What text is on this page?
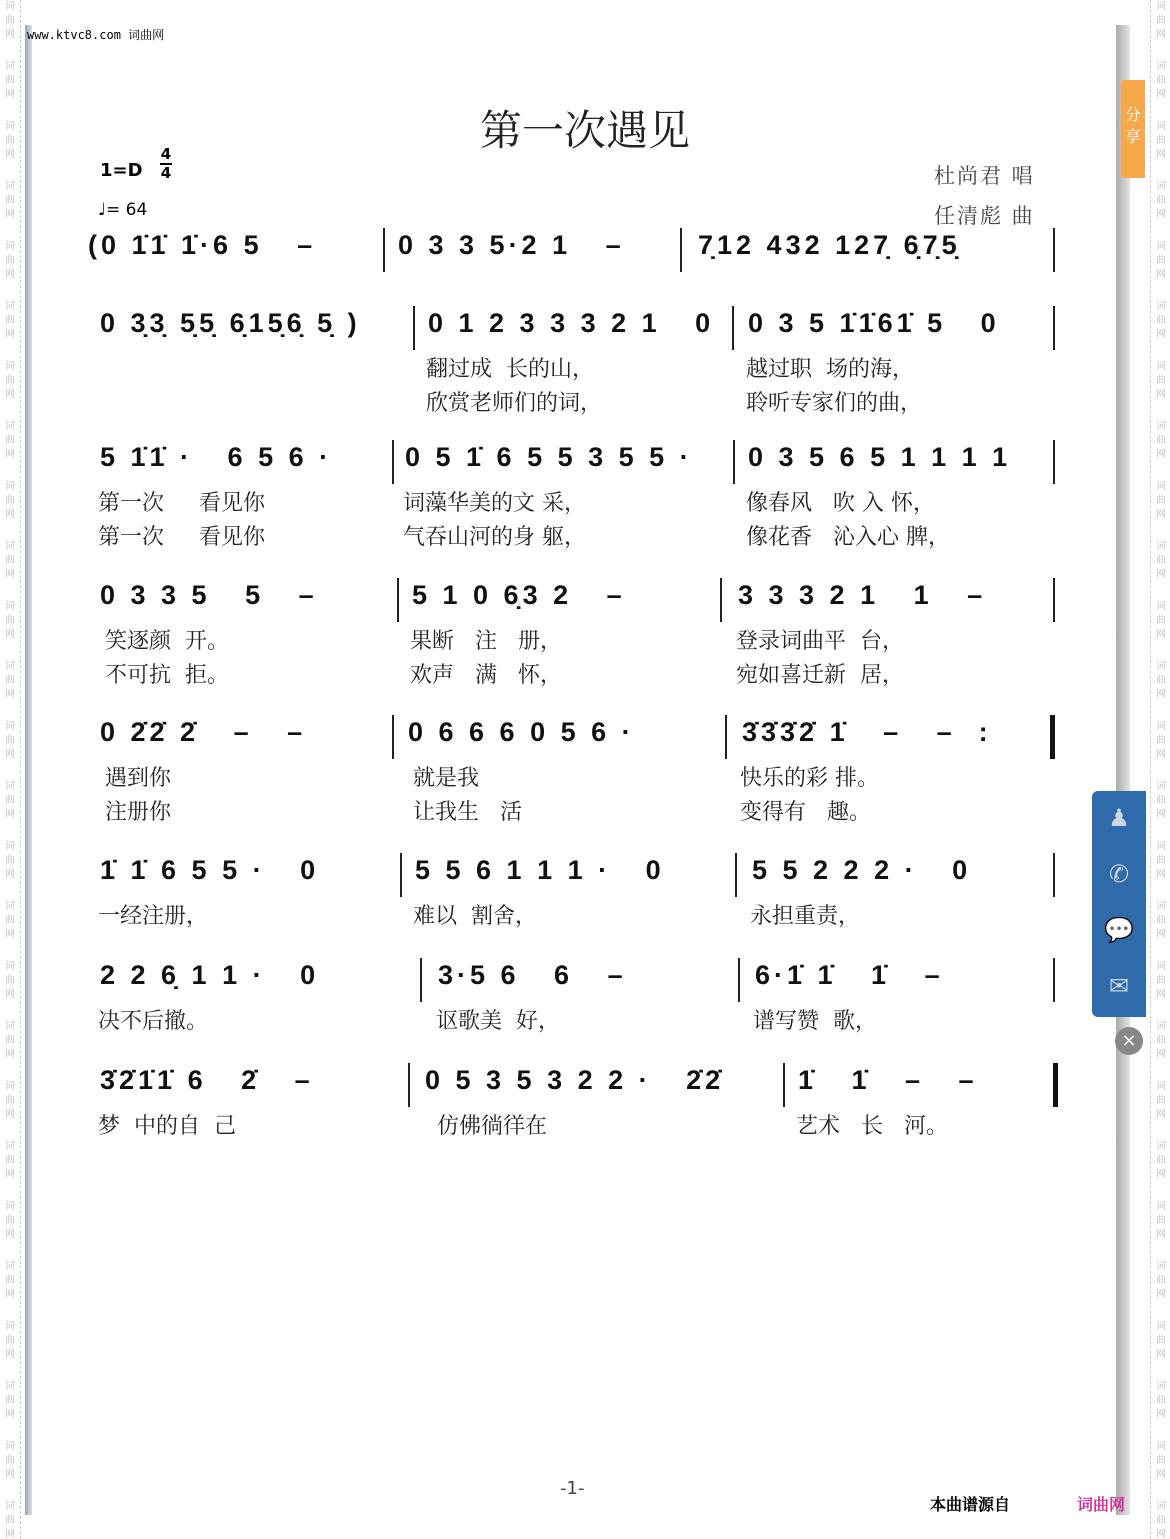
词曲网
词曲网
词曲网
词曲网
词曲网
词曲网
词曲网
词曲网
词曲网
词曲网
词曲网
词曲网
词曲网
词曲网
词曲网
词曲网
词曲网
词曲网
词曲网
词曲网
词曲网
词曲网
词曲网
词曲网
词曲网
词曲网
词曲网
词曲网
词曲网
词曲网
词曲网
词曲网
词曲网
词曲网
词曲网
词曲网
词曲网
词曲网
词曲网
词曲网
词曲网
词曲网
词曲网
词曲网
词曲网
词曲网
词曲网
词曲网
词曲网
词曲网
词曲网
词曲网
www.ktvc8.com 词曲网
第一次遇见
1=D
4
4
♩= 64
杜尚君 唱
任清彪 曲
(0 1̇1̇ 1̇·6 5   –	0 3 3 5·2 1   –	7̣12 432 127̣ 6̣7̣5̣
0 3̣3̣ 5̣5̣ 6̣15̣6̣ 5̣ ) 0 1 2 3 3 3 2 1   0
翻过成  长的山，
欣赏老师们的词，
0 3 5 1̇1̇61̇ 5   0
越过职  场的海，
聆听专家们的曲，
5 1̇1̇ ·   6 5 6 ·
第一次     看见你
第一次     看见你
0 5 1̇ 6 5 5 3 5 5 ·
词藻华美的文 采，
气吞山河的身 躯，
0 3 5 6 5 1 1 1 1
像春风   吹 入 怀，
像花香   沁入心 脾，
0 3 3 5   5   –
笑逐颜  开。
不可抗  拒。
5 1 0 6̣3 2   –
果断   注   册，
欢声   满   怀，
3 3 3 2 1   1   –
登录词曲平  台，
宛如喜迁新  居，
0 2̇2̇ 2̇   –   –
遇到你
注册你
0 6 6 6 0 5 6 ·
就是我
让我生   活
3̇3̇3̇2̇ 1̇   –   –  :
快乐的彩 排。
变得有   趣。
1̇ 1̇ 6 5 5 ·   0
一经注册，
5 5 6 1 1 1 ·   0
难以  割舍，
5 5 2 2 2 ·   0
永担重责，
2 2 6̣ 1 1 ·   0
决不后撤。
3·5 6   6   –
讴歌美  好，
6·1̇ 1̇   1̇   –
谱写赞  歌，
3̇2̇1̇1̇ 6   2̇   –
梦  中的自  己
0 5 3 5 3 2 2 ·   2̇2̇
仿佛徜徉在
1̇   1̇   –   –
艺术   长   河。
-1-
本曲谱源自	词曲网
分享
♟
✆
💬
✉
×
